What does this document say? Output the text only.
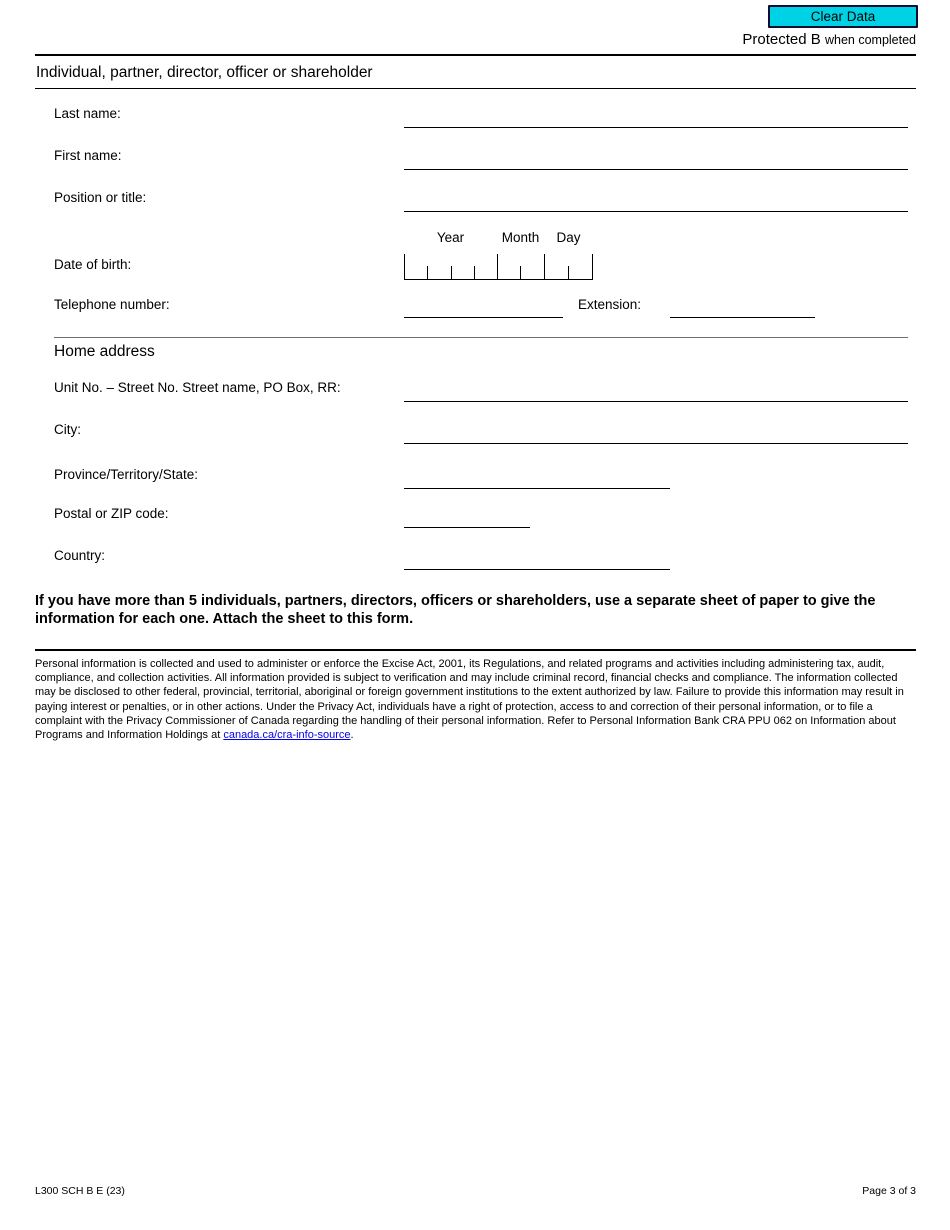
Clear Data
Protected B when completed
Individual, partner, director, officer or shareholder
Last name:
First name:
Position or title:
Year	Month	Day
Date of birth:
Telephone number:	Extension:
Home address
Unit No. – Street No. Street name, PO Box, RR:
City:
Province/Territory/State:
Postal or ZIP code:
Country:
If you have more than 5 individuals, partners, directors, officers or shareholders, use a separate sheet of paper to give the information for each one. Attach the sheet to this form.
Personal information is collected and used to administer or enforce the Excise Act, 2001, its Regulations, and related programs and activities including administering tax, audit, compliance, and collection activities. All information provided is subject to verification and may include criminal record, financial checks and compliance. The information collected may be disclosed to other federal, provincial, territorial, aboriginal or foreign government institutions to the extent authorized by law. Failure to provide this information may result in paying interest or penalties, or in other actions. Under the Privacy Act, individuals have a right of protection, access to and correction of their personal information, or to file a complaint with the Privacy Commissioner of Canada regarding the handling of their personal information. Refer to Personal Information Bank CRA PPU 062 on Information about Programs and Information Holdings at canada.ca/cra-info-source.
L300 SCH B E (23)	Page 3 of 3
